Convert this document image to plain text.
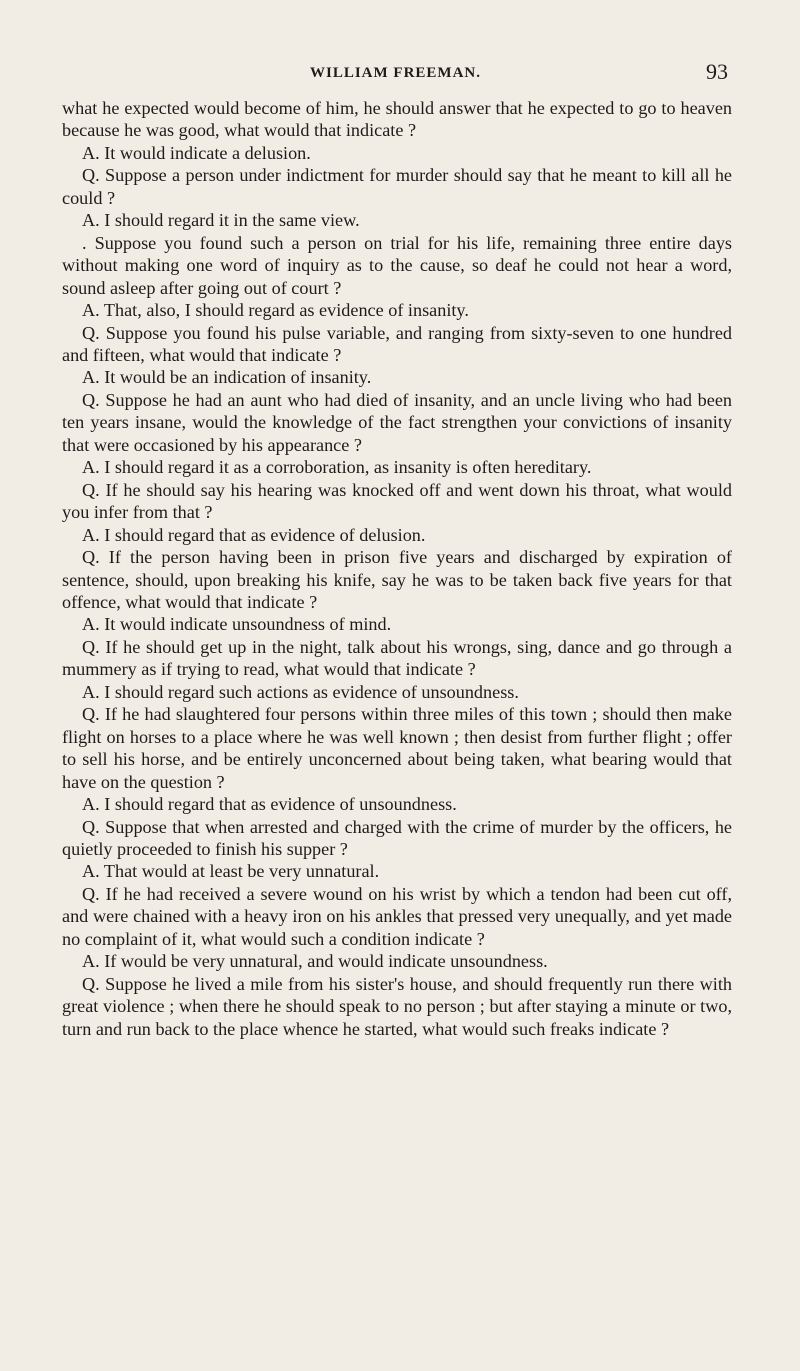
WILLIAM FREEMAN.	93

what he expected would become of him, he should answer that he expected to go to heaven because he was good, what would that indicate ?

A. It would indicate a delusion.

Q. Suppose a person under indictment for murder should say that he meant to kill all he could ?

A. I should regard it in the same view.

. Suppose you found such a person on trial for his life, remaining three entire days without making one word of inquiry as to the cause, so deaf he could not hear a word, sound asleep after going out of court ?

A. That, also, I should regard as evidence of insanity.

Q. Suppose you found his pulse variable, and ranging from sixty-seven to one hundred and fifteen, what would that indicate ?

A. It would be an indication of insanity.

Q. Suppose he had an aunt who had died of insanity, and an uncle living who had been ten years insane, would the knowledge of the fact strengthen your convictions of insanity that were occasioned by his appearance ?

A. I should regard it as a corroboration, as insanity is often hereditary.

Q. If he should say his hearing was knocked off and went down his throat, what would you infer from that ?

A. I should regard that as evidence of delusion.

Q. If the person having been in prison five years and discharged by expiration of sentence, should, upon breaking his knife, say he was to be taken back five years for that offence, what would that indicate ?

A. It would indicate unsoundness of mind.

Q. If he should get up in the night, talk about his wrongs, sing, dance and go through a mummery as if trying to read, what would that indicate ?

A. I should regard such actions as evidence of unsoundness.

Q. If he had slaughtered four persons within three miles of this town ; should then make flight on horses to a place where he was well known ; then desist from further flight ; offer to sell his horse, and be entirely unconcerned about being taken, what bearing would that have on the question ?

A. I should regard that as evidence of unsoundness.

Q. Suppose that when arrested and charged with the crime of murder by the officers, he quietly proceeded to finish his supper ?

A. That would at least be very unnatural.

Q. If he had received a severe wound on his wrist by which a tendon had been cut off, and were chained with a heavy iron on his ankles that pressed very unequally, and yet made no complaint of it, what would such a condition indicate ?

A. If would be very unnatural, and would indicate unsoundness.

Q. Suppose he lived a mile from his sister's house, and should frequently run there with great violence ; when there he should speak to no person ; but after staying a minute or two, turn and run back to the place whence he started, what would such freaks indicate ?
